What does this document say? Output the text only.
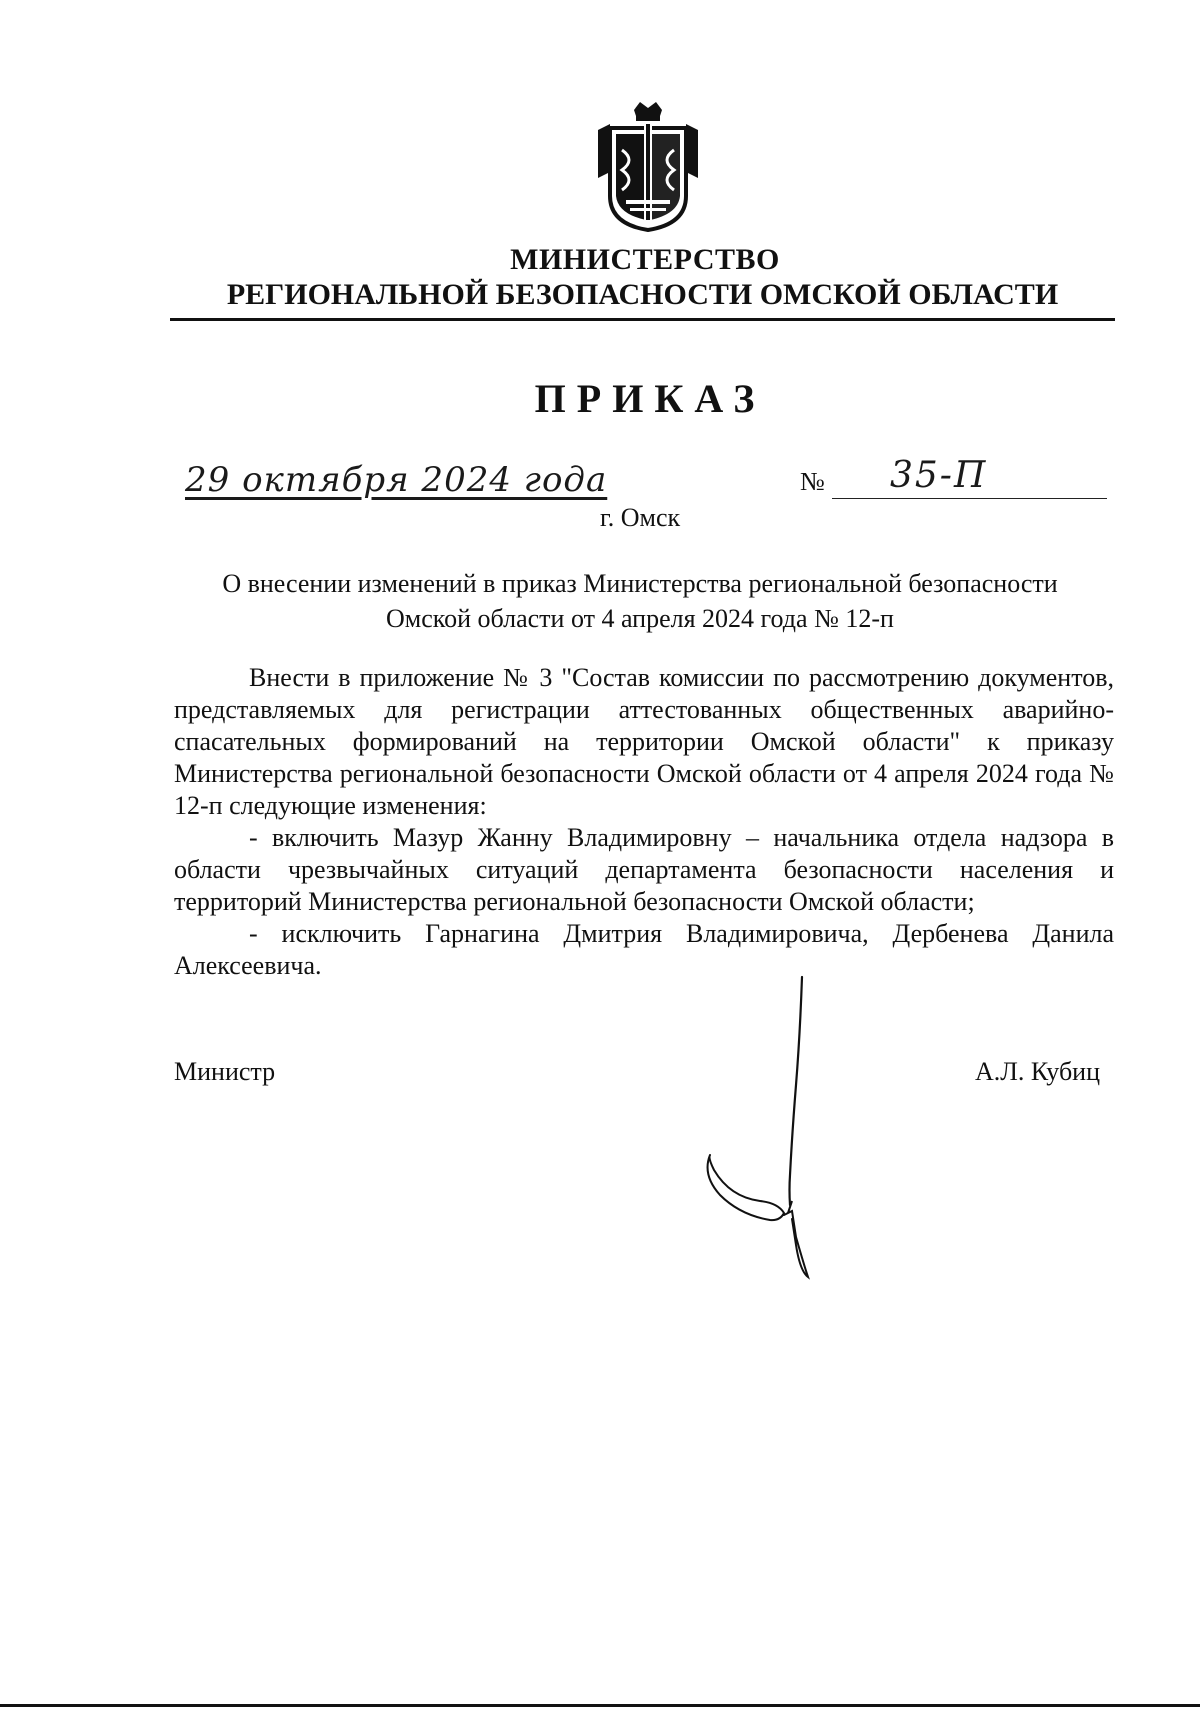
МИНИСТЕРСТВО
РЕГИОНАЛЬНОЙ БЕЗОПАСНОСТИ ОМСКОЙ ОБЛАСТИ
ПРИКАЗ
29 октября 2024 года	№ 35-П
г. Омск
О внесении изменений в приказ Министерства региональной безопасности
Омской области от 4 апреля 2024 года № 12-п

Внести в приложение № 3 "Состав комиссии по рассмотрению документов, представляемых для регистрации аттестованных общественных аварийно-спасательных формирований на территории Омской области" к приказу Министерства региональной безопасности Омской области от 4 апреля 2024 года № 12-п следующие изменения:

- включить Мазур Жанну Владимировну – начальника отдела надзора в области чрезвычайных ситуаций департамента безопасности населения и территорий Министерства региональной безопасности Омской области;

- исключить Гарнагина Дмитрия Владимировича, Дербенева Данила Алексеевича.

Министр	А.Л. Кубиц
